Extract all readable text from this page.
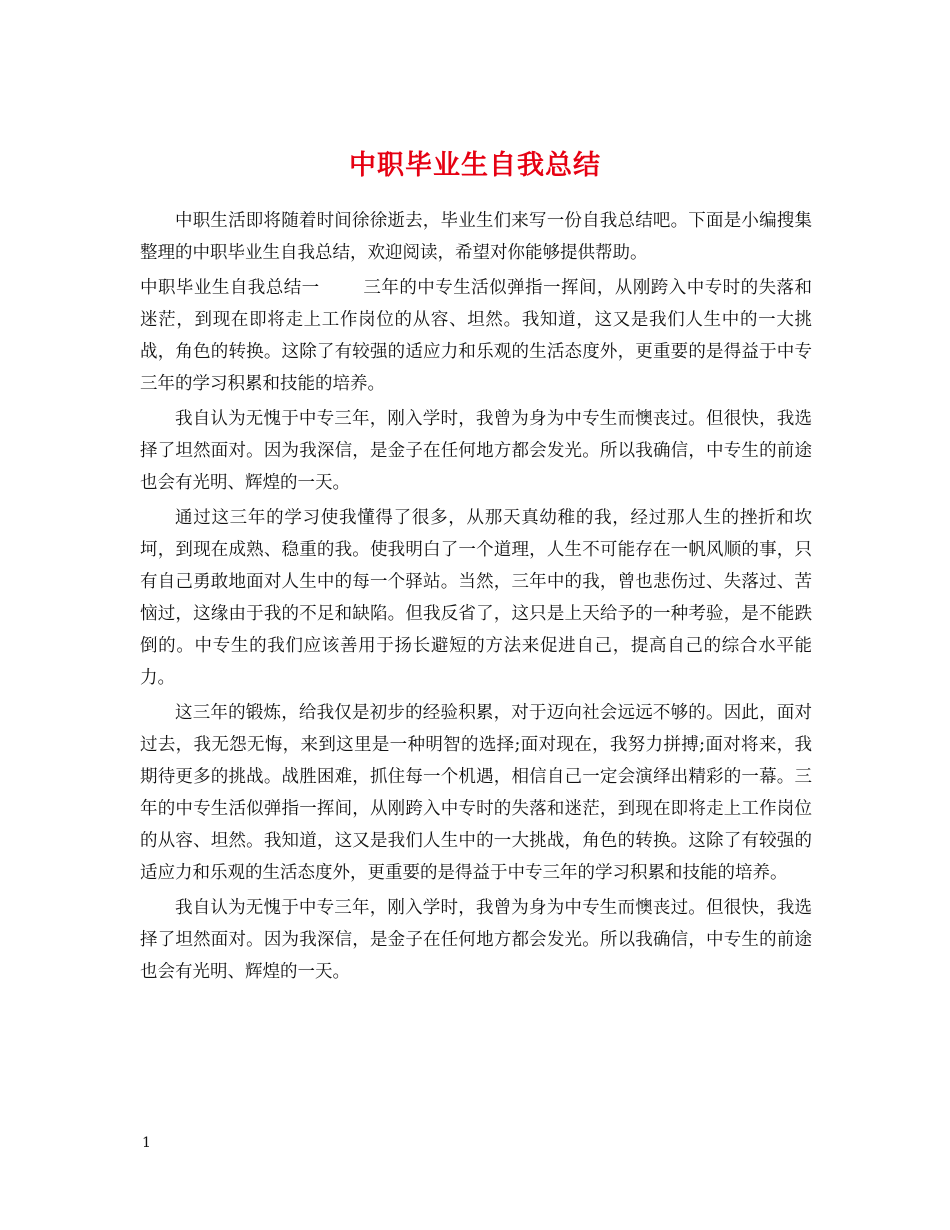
中职毕业生自我总结

中职生活即将随着时间徐徐逝去，毕业生们来写一份自我总结吧。下面是小编搜集整理的中职毕业生自我总结，欢迎阅读，希望对你能够提供帮助。

中职毕业生自我总结一	三年的中专生活似弹指一挥间，从刚跨入中专时的失落和迷茫，到现在即将走上工作岗位的从容、坦然。我知道，这又是我们人生中的一大挑战，角色的转换。这除了有较强的适应力和乐观的生活态度外，更重要的是得益于中专三年的学习积累和技能的培养。

我自认为无愧于中专三年，刚入学时，我曾为身为中专生而懊丧过。但很快，我选择了坦然面对。因为我深信，是金子在任何地方都会发光。所以我确信，中专生的前途也会有光明、辉煌的一天。

通过这三年的学习使我懂得了很多，从那天真幼稚的我，经过那人生的挫折和坎坷，到现在成熟、稳重的我。使我明白了一个道理，人生不可能存在一帆风顺的事，只有自己勇敢地面对人生中的每一个驿站。当然，三年中的我，曾也悲伤过、失落过、苦恼过，这缘由于我的不足和缺陷。但我反省了，这只是上天给予的一种考验，是不能跌倒的。中专生的我们应该善用于扬长避短的方法来促进自己，提高自己的综合水平能力。

这三年的锻炼，给我仅是初步的经验积累，对于迈向社会远远不够的。因此，面对过去，我无怨无悔，来到这里是一种明智的选择;面对现在，我努力拼搏;面对将来，我期待更多的挑战。战胜困难，抓住每一个机遇，相信自己一定会演绎出精彩的一幕。三年的中专生活似弹指一挥间，从刚跨入中专时的失落和迷茫，到现在即将走上工作岗位的从容、坦然。我知道，这又是我们人生中的一大挑战，角色的转换。这除了有较强的适应力和乐观的生活态度外，更重要的是得益于中专三年的学习积累和技能的培养。

我自认为无愧于中专三年，刚入学时，我曾为身为中专生而懊丧过。但很快，我选择了坦然面对。因为我深信，是金子在任何地方都会发光。所以我确信，中专生的前途也会有光明、辉煌的一天。

1
